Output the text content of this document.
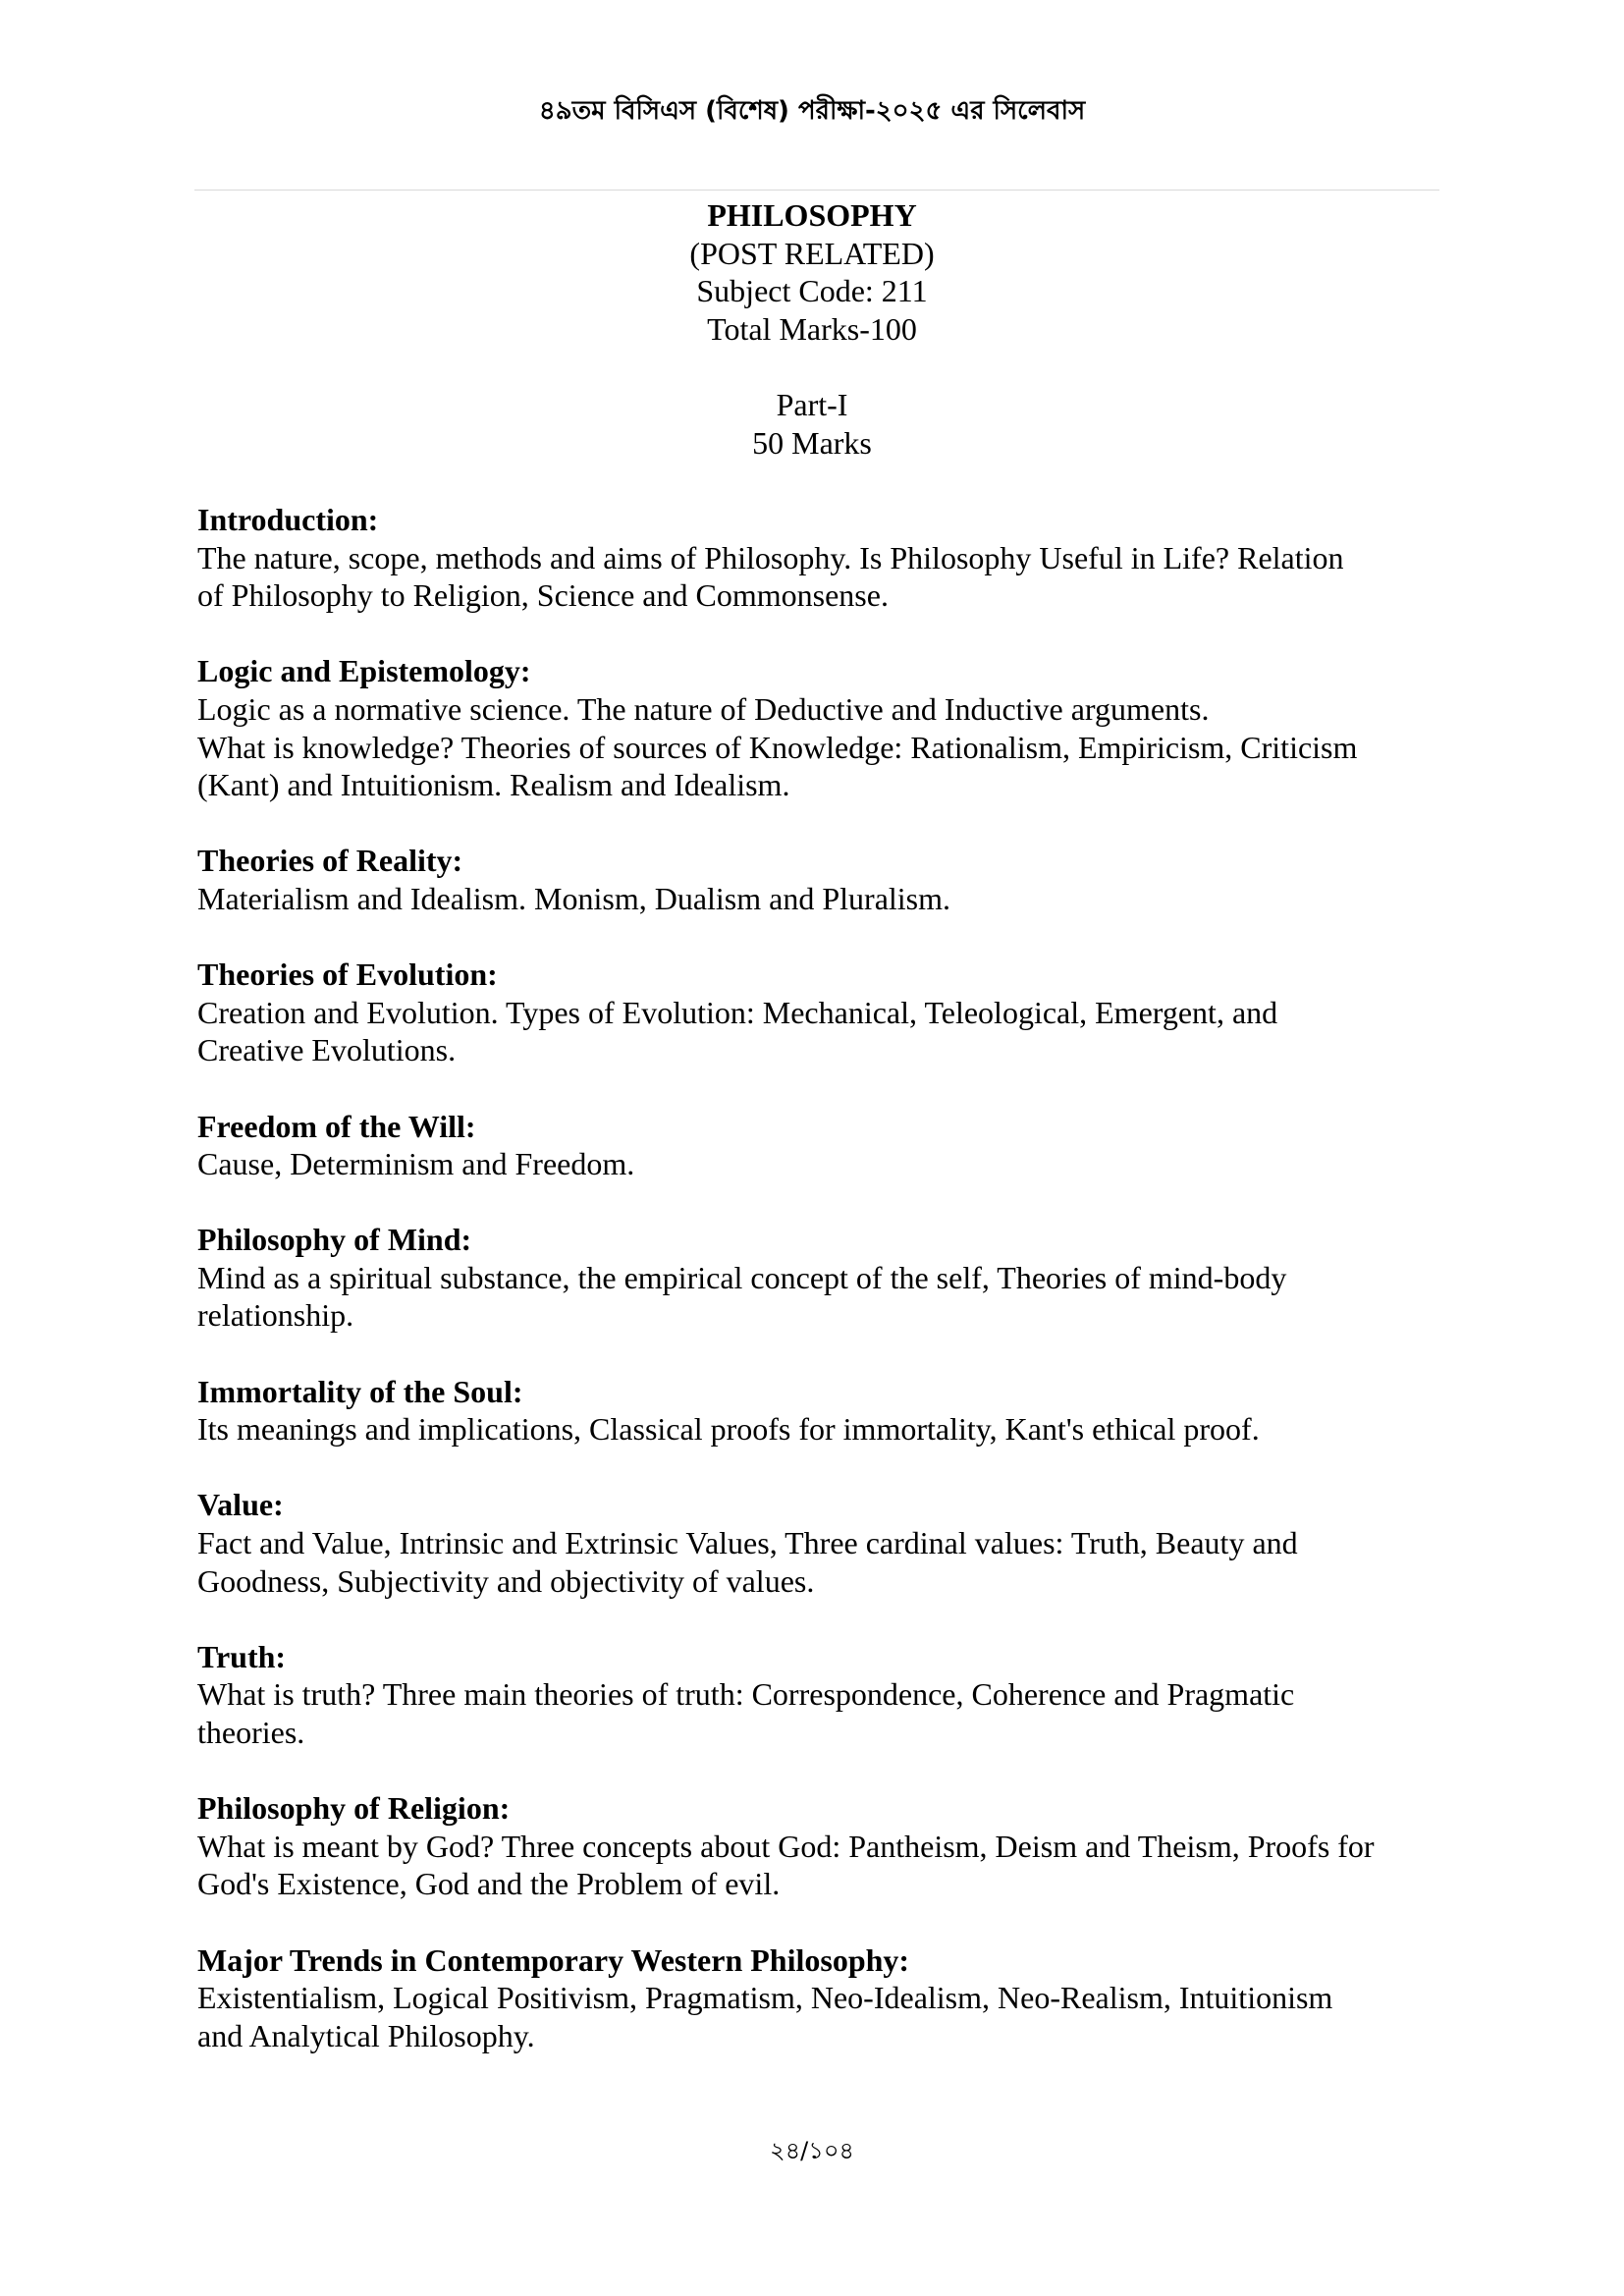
৪৯তম বিসিএস (বিশেষ) পরীক্ষা-২০২৫ এর সিলেবাস
PHILOSOPHY
(POST RELATED)
Subject Code: 211
Total Marks-100
Part-I
50 Marks
Introduction:
The nature, scope, methods and aims of Philosophy. Is Philosophy Useful in Life? Relation
of Philosophy to Religion, Science and Commonsense.
Logic and Epistemology:
Logic as a normative science. The nature of Deductive and Inductive arguments.
What is knowledge? Theories of sources of Knowledge: Rationalism, Empiricism, Criticism
(Kant) and Intuitionism. Realism and Idealism.
Theories of Reality:
Materialism and Idealism. Monism, Dualism and Pluralism.
Theories of Evolution:
Creation and Evolution. Types of Evolution: Mechanical, Teleological, Emergent, and
Creative Evolutions.
Freedom of the Will:
Cause, Determinism and Freedom.
Philosophy of Mind:
Mind as a spiritual substance, the empirical concept of the self, Theories of mind-body
relationship.
Immortality of the Soul:
Its meanings and implications, Classical proofs for immortality, Kant's ethical proof.
Value:
Fact and Value, Intrinsic and Extrinsic Values, Three cardinal values: Truth, Beauty and
Goodness, Subjectivity and objectivity of values.
Truth:
What is truth? Three main theories of truth: Correspondence, Coherence and Pragmatic
theories.
Philosophy of Religion:
What is meant by God? Three concepts about God: Pantheism, Deism and Theism, Proofs for
God's Existence, God and the Problem of evil.
Major Trends in Contemporary Western Philosophy:
Existentialism, Logical Positivism, Pragmatism, Neo-Idealism, Neo-Realism, Intuitionism
and Analytical Philosophy.
২৪/১০৪
